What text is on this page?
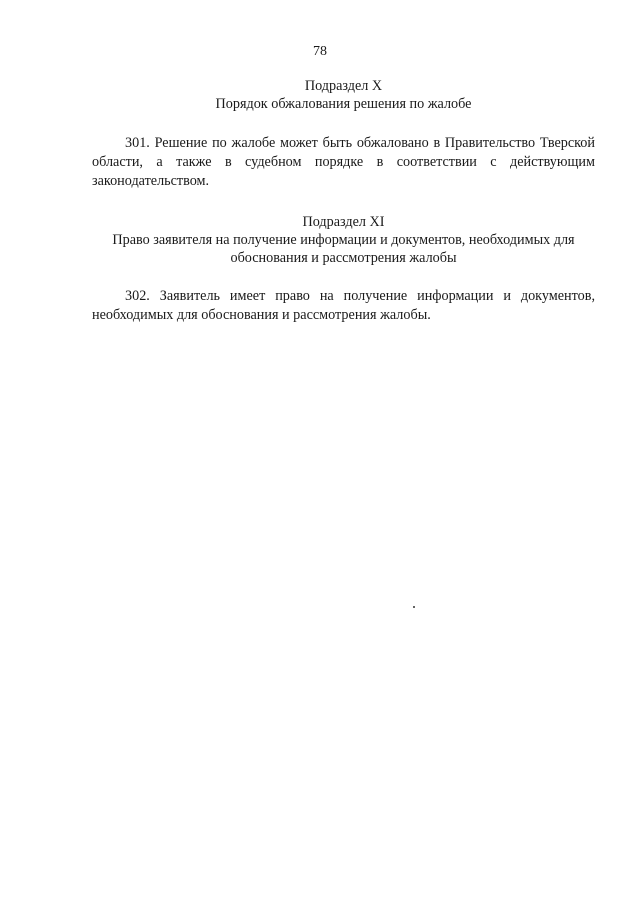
78

Подраздел X

Порядок обжалования решения по жалобе

301. Решение по жалобе может быть обжаловано в Правительство Тверской области, а также в судебном порядке в соответствии с действующим законодательством.

Подраздел XI

Право заявителя на получение информации и документов, необходимых для обоснования и рассмотрения жалобы

302. Заявитель имеет право на получение информации и документов, необходимых для обоснования и рассмотрения жалобы.
